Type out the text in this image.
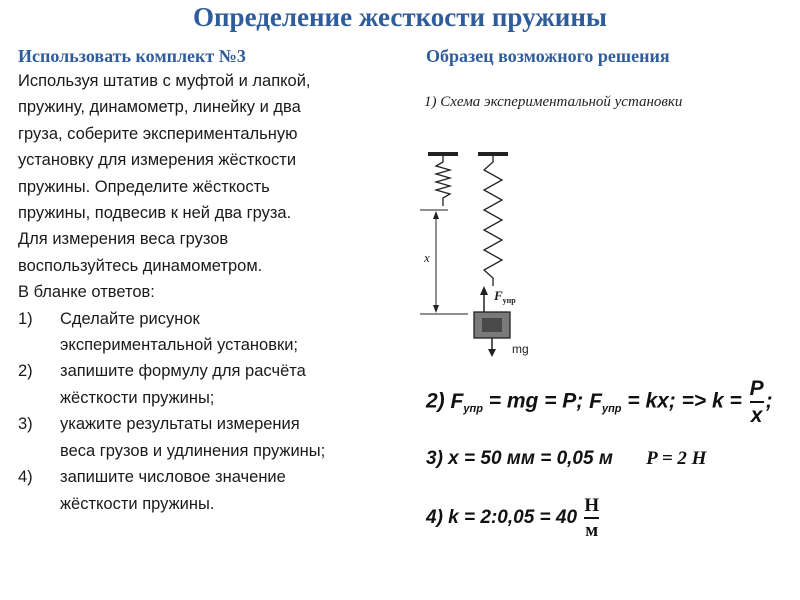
Определение жесткости пружины
Использовать комплект №3

Используя штатив с муфтой и лапкой,
пружину, динамометр, линейку и два
груза, соберите экспериментальную
установку для измерения жёсткости
пружины. Определите жёсткость
пружины, подвесив к ней два груза.
Для измерения веса грузов
воспользуйтесь динамометром.

В бланке ответов:

1)	Сделайте рисунок
экспериментальной установки;
2)	запишите формулу для расчёта
жёсткости пружины;
3)	укажите результаты измерения
веса грузов и удлинения пружины;
4)	запишите числовое значение
жёсткости пружины.
Образец возможного решения
1) Схема экспериментальной установки
x
$F_{упр}$
mg
2) $F_{упр}$ = mg = P; $F_{упр}$ = kx; => $k = \frac{P}{x}$ ;
3) x = 50 мм = 0,05 м P = 2 Н
4) k = 2:0,05 = $40 \frac{Н}{м}$
